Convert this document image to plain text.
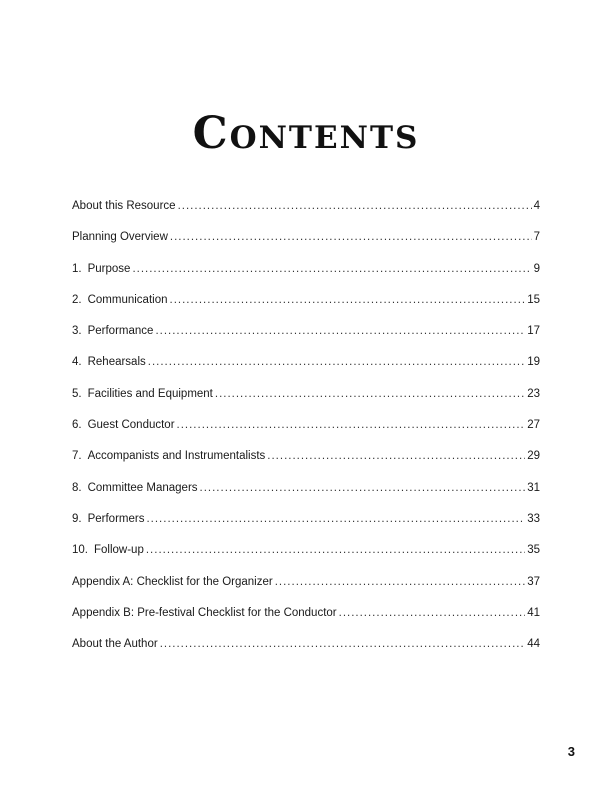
Contents
About this Resource .....	4
Planning Overview .....	7
1. Purpose .....	9
2. Communication .....	15
3. Performance .....	17
4. Rehearsals .....	19
5. Facilities and Equipment .....	23
6. Guest Conductor .....	27
7. Accompanists and Instrumentalists .....	29
8. Committee Managers .....	31
9. Performers .....	33
10. Follow-up .....	35
Appendix A: Checklist for the Organizer .....	37
Appendix B: Pre-festival Checklist for the Conductor .....	41
About the Author .....	44
3
